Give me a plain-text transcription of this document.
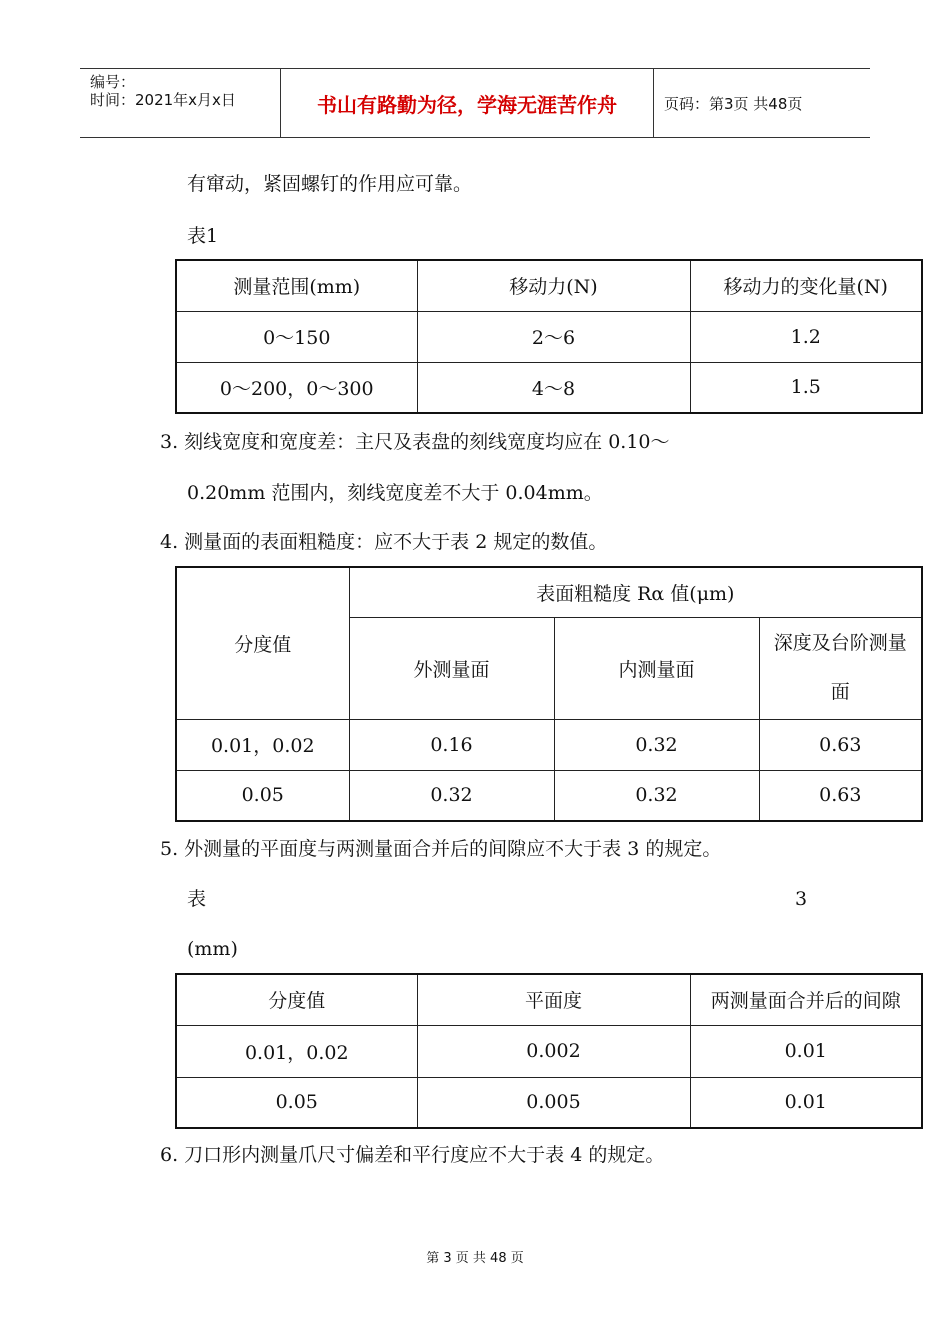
编号：
时间：2021年x月x日	书山有路勤为径，学海无涯苦作舟	页码：第3页 共48页
有窜动，紧固螺钉的作用应可靠。
表1
测量范围(mm)	移动力(N)	移动力的变化量(N)
0～150	2～6	1.2
0～200，0～300	4～8	1.5
3. 刻线宽度和宽度差：主尺及表盘的刻线宽度均应在 0.10～
0.20mm 范围内，刻线宽度差不大于 0.04mm。
4. 测量面的表面粗糙度：应不大于表 2 规定的数值。
分度值	表面粗糙度 Rα 值(μm)		
	外测量面	内测量面	深度及台阶测量
面

0.01，0.02	0.16	0.32	0.63
0.05	0.32	0.32	0.63
5. 外测量的平面度与两测量面合并后的间隙应不大于表 3 的规定。
表	3
(mm)
分度值	平面度	两测量面合并后的间隙
0.01，0.02	0.002	0.01
0.05	0.005	0.01
6. 刀口形内测量爪尺寸偏差和平行度应不大于表 4 的规定。
第 3 页 共 48 页
